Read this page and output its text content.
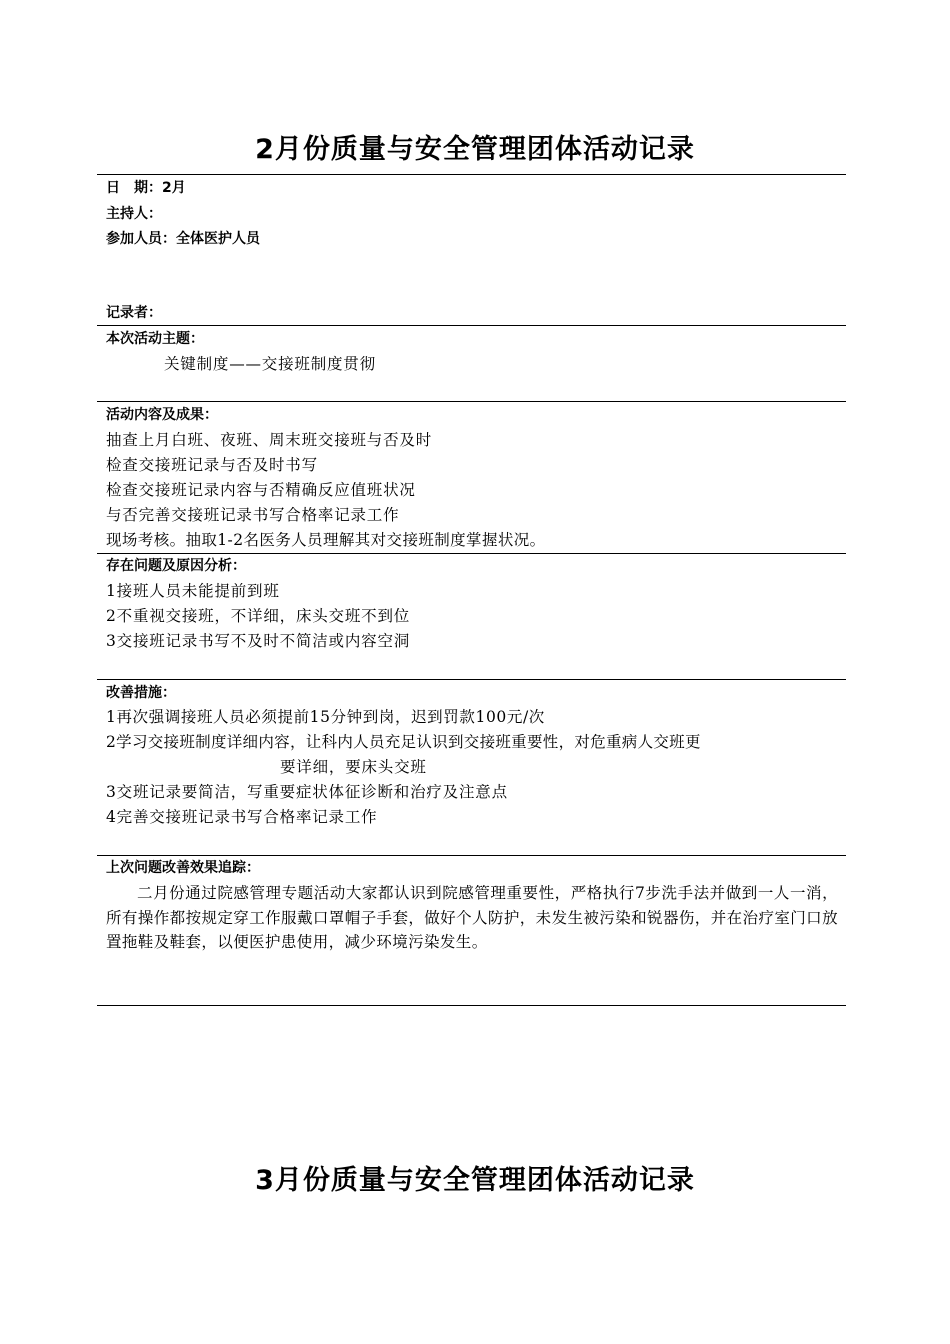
2月份质量与安全管理团体活动记录
日　期：2月
主持人：
参加人员：全体医护人员
记录者：
本次活动主题：
关键制度——交接班制度贯彻
活动内容及成果：
抽查上月白班、夜班、周末班交接班与否及时
检查交接班记录与否及时书写
检查交接班记录内容与否精确反应值班状况
与否完善交接班记录书写合格率记录工作
现场考核。抽取1-2名医务人员理解其对交接班制度掌握状况。
存在问题及原因分析：
1接班人员未能提前到班
2不重视交接班，不详细，床头交班不到位
3交接班记录书写不及时不简洁或内容空洞
改善措施：
1再次强调接班人员必须提前15分钟到岗，迟到罚款100元/次
2学习交接班制度详细内容，让科内人员充足认识到交接班重要性，对危重病人交班更
要详细，要床头交班
3交班记录要简洁，写重要症状体征诊断和治疗及注意点
4完善交接班记录书写合格率记录工作
上次问题改善效果追踪：
二月份通过院感管理专题活动大家都认识到院感管理重要性，严格执行7步洗手法并做到一人一消，所有操作都按规定穿工作服戴口罩帽子手套，做好个人防护，未发生被污染和锐器伤，并在治疗室门口放置拖鞋及鞋套，以便医护患使用，减少环境污染发生。
3月份质量与安全管理团体活动记录
